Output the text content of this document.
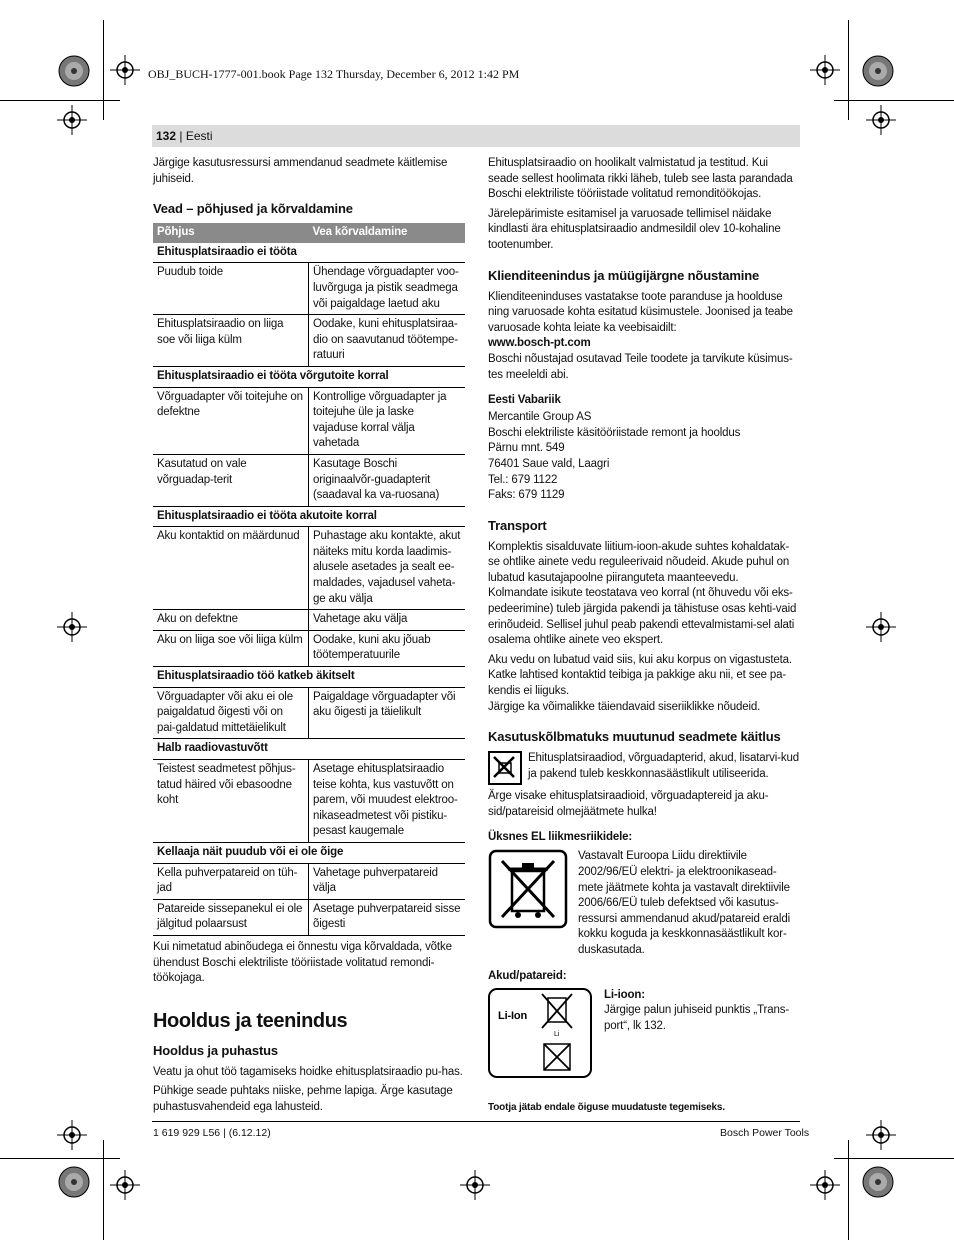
OBJ_BUCH-1777-001.book Page 132 Thursday, December 6, 2012 1:42 PM
132 | Eesti

Järgige kasutusressursi ammendanud seadmete käitlemise juhiseid.

Vead – põhjused ja kõrvaldamine
Põhjus	Vea kõrvaldamine
Ehitusplatsiraadio ei tööta	
Puudub toide	Ühendage võrguadapter voo-luvõrguga ja pistik seadmega või paigaldage laetud aku
Ehitusplatsiraadio on liiga soe või liiga külm	Oodake, kuni ehitusplatsiraa-dio on saavutanud töötempe-ratuuri
Ehitusplatsiraadio ei tööta võrgutoite korral	
Võrguadapter või toitejuhe on defektne	Kontrollige võrguadapter ja toitejuhe üle ja laske vajaduse korral välja vahetada
Kasutatud on vale võrguadap-terit	Kasutage Boschi originaalvõr-guadapterit (saadaval ka va-ruosana)
Ehitusplatsiraadio ei tööta akutoite korral	
Aku kontaktid on määrdunud	Puhastage aku kontakte, akut näiteks mitu korda laadimis-alusele asetades ja sealt ee-maldades, vajadusel vaheta-ge aku välja
Aku on defektne	Vahetage aku välja
Aku on liiga soe või liiga külm	Oodake, kuni aku jõuab töötemperatuurile
Ehitusplatsiraadio töö katkeb äkitselt	
Võrguadapter või aku ei ole paigaldatud õigesti või on pai-galdatud mittetäielikult	Paigaldage võrguadapter või aku õigesti ja täielikult
Halb raadiovastuvõtt	
Teistest seadmetest põhjus-tatud häired või ebasoodne koht	Asetage ehitusplatsiraadio teise kohta, kus vastuvõtt on parem, või muudest elektroo-nikaseadmetest või pistiku-pesast kaugemale
Kellaaja näit puudub või ei ole õige	
Kella puhverpatareid on tüh-jad	Vahetage puhverpatareid välja
Patareide sissepanekul ei ole jälgitud polaarsust	Asetage puhverpatareid sisse õigesti

Kui nimetatud abinõudega ei õnnestu viga kõrvaldada, võtke ühendust Boschi elektriliste tööriistade volitatud remondi-töökojaga.

Hooldus ja teenindus
Hooldus ja puhastus

Veatu ja ohut töö tagamiseks hoidke ehitusplatsiraadio pu-has.

Pühkige seade puhtaks niiske, pehme lapiga. Ärge kasutage puhastusvahendeid ega lahusteid.

Ehitusplatsiraadio on hoolikalt valmistatud ja testitud. Kui seade sellest hoolimata rikki läheb, tuleb see lasta parandada Boschi elektriliste tööriistade volitatud remonditöökojas.

Järelepärimiste esitamisel ja varuosade tellimisel näidake kindlasti ära ehitusplatsiraadio andmesildil olev 10-kohaline tootenumber.

Klienditeenindus ja müügijärgne nõustamine

Klienditeeninduses vastatakse toote paranduse ja hoolduse ning varuosade kohta esitatud küsimustele. Joonised ja teabe varuosade kohta leiate ka veebisaidilt:

www.bosch-pt.com

Boschi nõustajad osutavad Teile toodete ja tarvikute küsimus-tes meeleldi abi.

Eesti Vabariik
Mercantile Group AS
Boschi elektriliste käsitööriistade remont ja hooldus
Pärnu mnt. 549
76401 Saue vald, Laagri
Tel.: 679 1122
Faks: 679 1129
Transport

Komplektis sisalduvate liitium-ioon-akude suhtes kohaldatak-se ohtlike ainete vedu reguleerivaid nõudeid. Akude puhul on lubatud kasutajapoolne piiranguteta maanteevedu. Kolmandate isikute teostatava veo korral (nt õhuvedu või eks-pedeerimine) tuleb järgida pakendi ja tähistuse osas kehti-vaid erinõudeid. Sellisel juhul peab pakendi ettevalmistami-sel alati osalema ohtlike ainete veo ekspert.

Aku vedu on lubatud vaid siis, kui aku korpus on vigastusteta. Katke lahtised kontaktid teibiga ja pakkige aku nii, et see pa-kendis ei liiguks.

Järgige ka võimalikke täiendavaid siseriiklikke nõudeid.

Kasutuskõlbmatuks muutunud seadmete käitlus

Ehitusplatsiraadiod, võrguadapterid, akud, lisatarvi-kud ja pakend tuleb keskkonnasäästlikult utiliseerida.

Ärge visake ehitusplatsiraadioid, võrguadaptereid ja aku-sid/patareisid olmejäätmete hulka!

Üksnes EL liikmesriikidele:

Vastavalt Euroopa Liidu direktiivile 2002/96/EÜ elektri- ja elektroonikasead-mete jäätmete kohta ja vastavalt direktiivile 2006/66/EÜ tuleb defektsed või kasutus-ressursi ammendanud akud/patareid eraldi kokku koguda ja keskkonnasäästlikult kor-duskasutada.

Akud/patareid:
Li-Ion
Li
Li-ioon:
Järgige palun juhiseid punktis „Trans-port“, lk 132.
Tootja jätab endale õiguse muudatuste tegemiseks.
1 619 929 L56 | (6.12.12)	Bosch Power Tools
